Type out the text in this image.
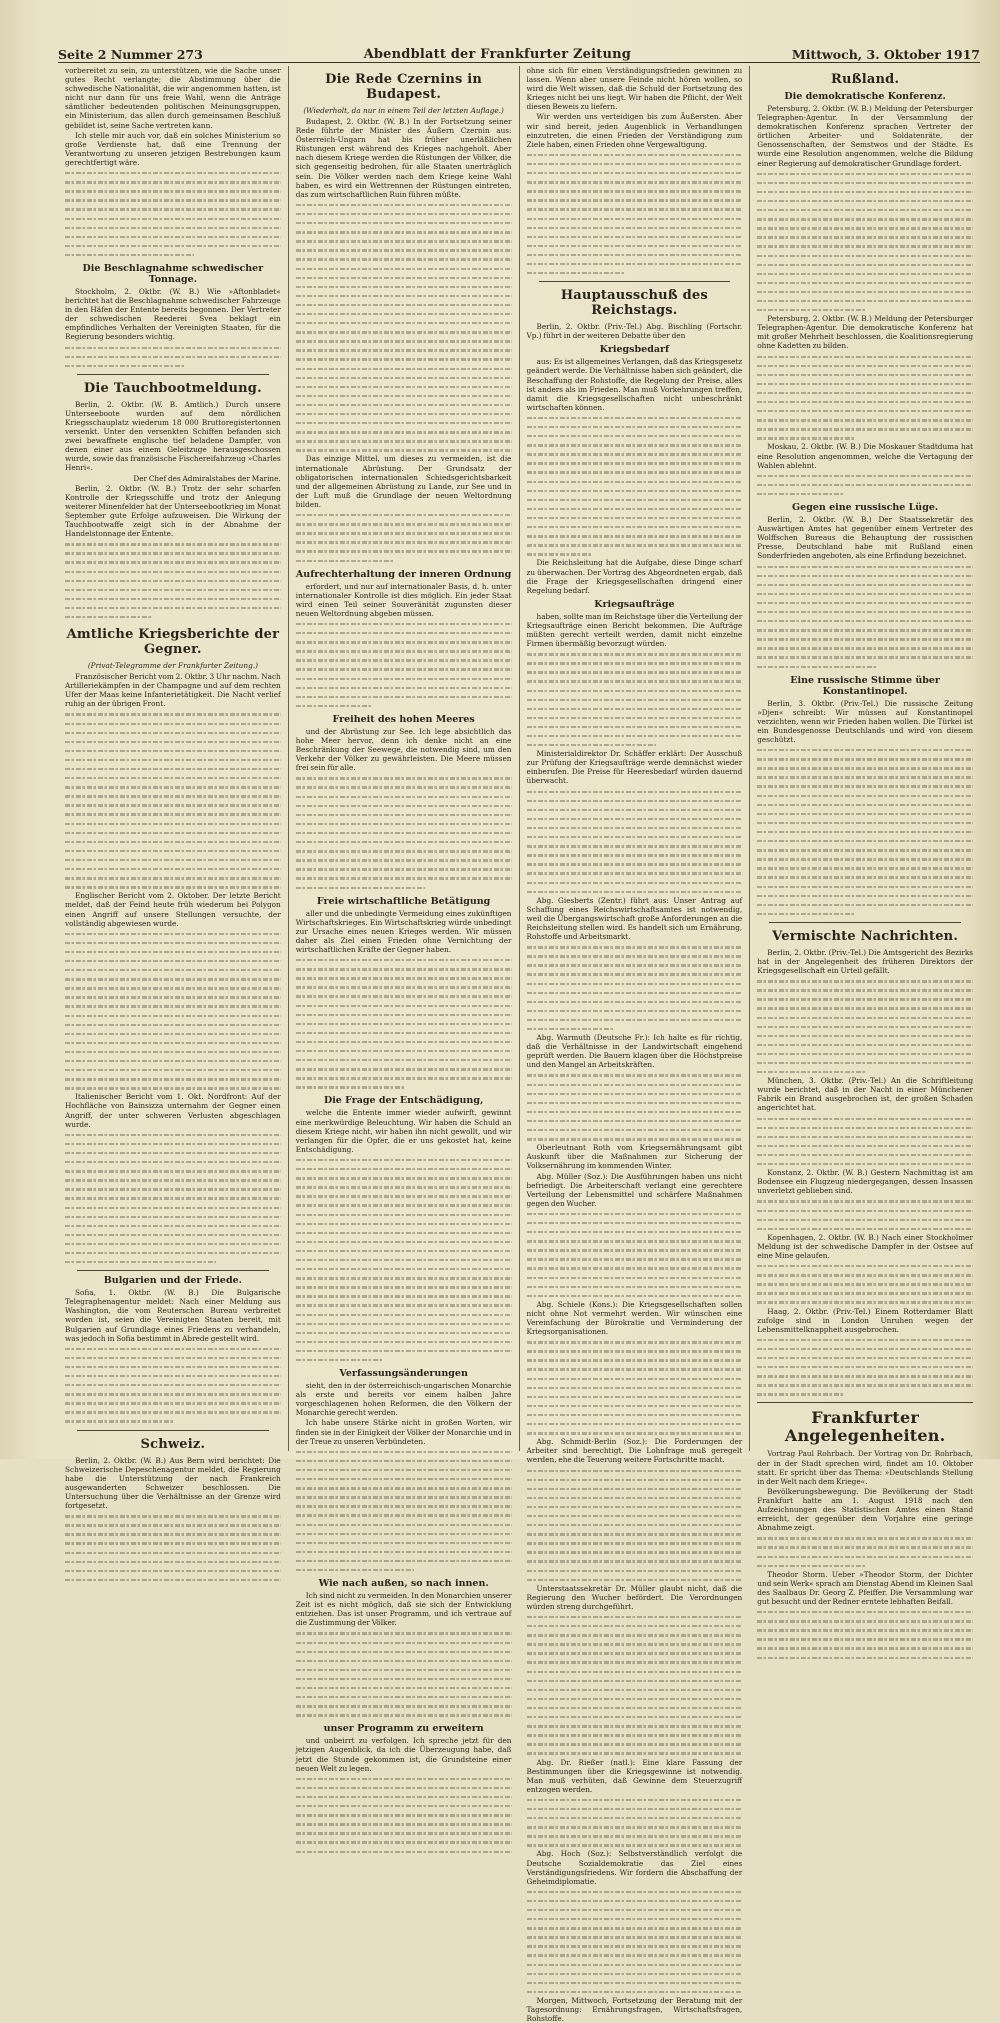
Seite 2 Nummer 273	Abendblatt der Frankfurter Zeitung	Mittwoch, 3. Oktober 1917

vorbereitet zu sein, zu unterstützen, wie die Sache unser gutes Recht verlangte; die Abstimmung über die schwedische Nationalität, die wir angenommen hatten, ist nicht nur dann für uns freie Wahl, wenn die Anträge sämtlicher bedeutenden politischen Meinungsgruppen, ein Ministerium, das allen durch gemeinsamen Beschluß gebildet ist, seine Sache vertreten kann.

Ich stelle mir auch vor, daß ein solches Ministerium so große Verdienste hat, daß eine Trennung der Verantwortung zu unseren jetzigen Bestrebungen kaum gerechtfertigt wäre.

Die Beschlagnahme schwedischer Tonnage.

Stockholm, 2. Oktbr. (W. B.) Wie »Aftonbladet« berichtet hat die Beschlagnahme schwedischer Fahrzeuge in den Häfen der Entente bereits begonnen. Der Vertreter der schwedischen Reederei Svea beklagt ein empfindliches Verhalten der Vereinigten Staaten, für die Regierung besonders wichtig.

Die Tauchbootmeldung.

Berlin, 2. Oktbr. (W. B. Amtlich.) Durch unsere Unterseeboote wurden auf dem nördlichen Kriegsschauplatz wiederum 18 000 Bruttoregistertonnen versenkt. Unter den versenkten Schiffen befanden sich zwei bewaffnete englische tief beladene Dampfer, von denen einer aus einem Geleitzuge herausgeschossen wurde, sowie das französische Fischereifahrzeug »Charles Henri«.

Der Chef des Admiralstabes der Marine.

Berlin, 2. Oktbr. (W. B.) Trotz der sehr scharfen Kontrolle der Kriegsschiffe und trotz der Anlegung weiterer Minenfelder hat der Unterseebootkrieg im Monat September gute Erfolge aufzuweisen. Die Wirkung der Tauchbootwaffe zeigt sich in der Abnahme der Handelstonnage der Entente.

Amtliche Kriegsberichte der Gegner.
(Privat-Telegramme der Frankfurter Zeitung.)

Französischer Bericht vom 2. Oktbr. 3 Uhr nachm. Nach Artilleriekämpfen in der Champagne und auf dem rechten Ufer der Maas keine Infanterietätigkeit. Die Nacht verlief ruhig an der übrigen Front.

Englischer Bericht vom 2. Oktober. Der letzte Bericht meldet, daß der Feind heute früh wiederum bei Polygon einen Angriff auf unsere Stellungen versuchte, der vollständig abgewiesen wurde.

Italienischer Bericht vom 1. Okt. Nordfront: Auf der Hochfläche von Bainsizza unternahm der Gegner einen Angriff, der unter schweren Verlusten abgeschlagen wurde.

Bulgarien und der Friede.

Sofia, 1. Oktbr. (W. B.) Die Bulgarische Telegraphenagentur meldet: Nach einer Meldung aus Washington, die vom Reuterschen Bureau verbreitet worden ist, seien die Vereinigten Staaten bereit, mit Bulgarien auf Grundlage eines Friedens zu verhandeln, was jedoch in Sofia bestimmt in Abrede gestellt wird.

Schweiz.

Berlin, 2. Oktbr. (W. B.) Aus Bern wird berichtet: Die Schweizerische Depeschenagentur meldet, die Regierung habe die Unterstützung der nach Frankreich ausgewanderten Schweizer beschlossen. Die Untersuchung über die Verhältnisse an der Grenze wird fortgesetzt.

Die Rede Czernins in Budapest.
(Wiederholt, da nur in einem Teil der letzten Auflage.)

Budapest, 2. Oktbr. (W. B.) In der Fortsetzung seiner Rede führte der Minister des Äußern Czernin aus: Österreich-Ungarn hat bis früher unerläßlichen Rüstungen erst während des Krieges nachgeholt. Aber nach diesem Kriege werden die Rüstungen der Völker, die sich gegenseitig bedrohen, für alle Staaten unerträglich sein. Die Völker werden nach dem Kriege keine Wahl haben, es wird ein Wettrennen der Rüstungen eintreten, das zum wirtschaftlichen Ruin führen müßte.

Das einzige Mittel, um dieses zu vermeiden, ist die internationale Abrüstung. Der Grundsatz der obligatorischen internationalen Schiedsgerichtsbarkeit und der allgemeinen Abrüstung zu Lande, zur See und in der Luft muß die Grundlage der neuen Weltordnung bilden.

Aufrechterhaltung der inneren Ordnung

erfordert, und nur auf internationaler Basis, d. h. unter internationaler Kontrolle ist dies möglich. Ein jeder Staat wird einen Teil seiner Souveränität zugunsten dieser neuen Weltordnung abgeben müssen.

Freiheit des hohen Meeres

und der Abrüstung zur See. Ich lege absichtlich das hohe Meer hervor, denn ich denke nicht an eine Beschränkung der Seewege, die notwendig sind, um den Verkehr der Völker zu gewährleisten. Die Meere müssen frei sein für alle.

Freie wirtschaftliche Betätigung

aller und die unbedingte Vermeidung eines zukünftigen Wirtschaftskrieges. Ein Wirtschaftskrieg würde unbedingt zur Ursache eines neuen Krieges werden. Wir müssen daher als Ziel einen Frieden ohne Vernichtung der wirtschaftlichen Kräfte der Gegner haben.

Die Frage der Entschädigung,

welche die Entente immer wieder aufwirft, gewinnt eine merkwürdige Beleuchtung. Wir haben die Schuld an diesem Kriege nicht, wir haben ihn nicht gewollt, und wir verlangen für die Opfer, die er uns gekostet hat, keine Entschädigung.

Verfassungsänderungen

sieht, den in der österreichisch-ungarischen Monarchie als erste und bereits vor einem halben Jahre vorgeschlagenen hohen Reformen, die den Völkern der Monarchie gerecht werden.

Ich habe unsere Stärke nicht in großen Worten, wir finden sie in der Einigkeit der Völker der Monarchie und in der Treue zu unseren Verbündeten.

Wie nach außen, so nach innen.

Ich sind nicht zu vermeiden. In den Monarchien unserer Zeit ist es nicht möglich, daß sie sich der Entwicklung entziehen. Das ist unser Programm, und ich vertraue auf die Zustimmung der Völker.

unser Programm zu erweitern

und unbeirrt zu verfolgen. Ich spreche jetzt für den jetzigen Augenblick, da ich die Überzeugung habe, daß jetzt die Stunde gekommen ist, die Grundsteine einer neuen Welt zu legen.

ohne sich für einen Verständigungsfrieden gewinnen zu lassen. Wenn aber unsere Feinde nicht hören wollen, so wird die Welt wissen, daß die Schuld der Fortsetzung des Krieges nicht bei uns liegt. Wir haben die Pflicht, der Welt diesen Beweis zu liefern.

Wir werden uns verteidigen bis zum Äußersten. Aber wir sind bereit, jeden Augenblick in Verhandlungen einzutreten, die einen Frieden der Verständigung zum Ziele haben, einen Frieden ohne Vergewaltigung.

Hauptausschuß des Reichstags.

Berlin, 2. Oktbr. (Priv.-Tel.) Abg. Bischling (Fortschr. Vp.) führt in der weiteren Debatte über den

Kriegsbedarf

aus: Es ist allgemeines Verlangen, daß das Kriegsgesetz geändert werde. Die Verhältnisse haben sich geändert, die Beschaffung der Rohstoffe, die Regelung der Preise, alles ist anders als im Frieden. Man muß Vorkehrungen treffen, damit die Kriegsgesellschaften nicht unbeschränkt wirtschaften können.

Die Reichsleitung hat die Aufgabe, diese Dinge scharf zu überwachen. Der Vortrag des Abgeordneten ergab, daß die Frage der Kriegsgesellschaften dringend einer Regelung bedarf.

Kriegsaufträge

haben, sollte man im Reichstage über die Verteilung der Kriegsaufträge einen Bericht bekommen. Die Aufträge müßten gerecht verteilt werden, damit nicht einzelne Firmen übermäßig bevorzugt würden.

Ministerialdirektor Dr. Schäffer erklärt: Der Ausschuß zur Prüfung der Kriegsaufträge werde demnächst wieder einberufen. Die Preise für Heeresbedarf würden dauernd überwacht.

Abg. Giesberts (Zentr.) führt aus: Unser Antrag auf Schaffung eines Reichswirtschaftsamtes ist notwendig, weil die Übergangswirtschaft große Anforderungen an die Reichsleitung stellen wird. Es handelt sich um Ernährung, Rohstoffe und Arbeitsmarkt.

Abg. Warmuth (Deutsche Fr.): Ich halte es für richtig, daß die Verhältnisse in der Landwirtschaft eingehend geprüft werden. Die Bauern klagen über die Höchstpreise und den Mangel an Arbeitskräften.

Oberleutnant Roth vom Kriegsernährungsamt gibt Auskunft über die Maßnahmen zur Sicherung der Volksernährung im kommenden Winter.

Abg. Müller (Soz.): Die Ausführungen haben uns nicht befriedigt. Die Arbeiterschaft verlangt eine gerechtere Verteilung der Lebensmittel und schärfere Maßnahmen gegen den Wucher.

Abg. Schiele (Kons.): Die Kriegsgesellschaften sollen nicht ohne Not vermehrt werden. Wir wünschen eine Vereinfachung der Bürokratie und Verminderung der Kriegsorganisationen.

Abg. Schmidt-Berlin (Soz.): Die Forderungen der Arbeiter sind berechtigt. Die Lohnfrage muß geregelt werden, ehe die Teuerung weitere Fortschritte macht.

Unterstaatssekretär Dr. Müller glaubt nicht, daß die Regierung den Wucher befördert. Die Verordnungen würden streng durchgeführt.

Abg. Dr. Rießer (natl.): Eine klare Fassung der Bestimmungen über die Kriegsgewinne ist notwendig. Man muß verhüten, daß Gewinne dem Steuerzugriff entzogen werden.

Abg. Hoch (Soz.): Selbstverständlich verfolgt die Deutsche Sozialdemokratie das Ziel eines Verständigungsfriedens. Wir fordern die Abschaffung der Geheimdiplomatie.

Morgen, Mittwoch, Fortsetzung der Beratung mit der Tagesordnung: Ernährungsfragen, Wirtschaftsfragen, Rohstoffe.

Rußland.
Die demokratische Konferenz.

Petersburg, 2. Oktbr. (W. B.) Meldung der Petersburger Telegraphen-Agentur. In der Versammlung der demokratischen Konferenz sprachen Vertreter der örtlichen Arbeiter- und Soldatenräte, der Genossenschaften, der Semstwos und der Städte. Es wurde eine Resolution angenommen, welche die Bildung einer Regierung auf demokratischer Grundlage fordert.

Petersburg, 2. Oktbr. (W. B.) Meldung der Petersburger Telegraphen-Agentur. Die demokratische Konferenz hat mit großer Mehrheit beschlossen, die Koalitionsregierung ohne Kadetten zu bilden.

Moskau, 2. Oktbr. (W. B.) Die Moskauer Stadtduma hat eine Resolution angenommen, welche die Vertagung der Wahlen ablehnt.

Gegen eine russische Lüge.

Berlin, 2. Oktbr. (W. B.) Der Staatssekretär des Auswärtigen Amtes hat gegenüber einem Vertreter des Wolffschen Bureaus die Behauptung der russischen Presse, Deutschland habe mit Rußland einen Sonderfrieden angeboten, als eine Erfindung bezeichnet.

Eine russische Stimme über Konstantinopel.

Berlin, 3. Oktbr. (Priv.-Tel.) Die russische Zeitung »Djen« schreibt: Wir müssen auf Konstantinopel verzichten, wenn wir Frieden haben wollen. Die Türkei ist ein Bundesgenosse Deutschlands und wird von diesem geschützt.

Vermischte Nachrichten.

Berlin, 2. Oktbr. (Priv.-Tel.) Die Amtsgericht des Bezirks hat in der Angelegenheit des früheren Direktors der Kriegsgesellschaft ein Urteil gefällt.

München, 3. Oktbr. (Priv.-Tel.) An die Schriftleitung wurde berichtet, daß in der Nacht in einer Münchener Fabrik ein Brand ausgebrochen ist, der großen Schaden angerichtet hat.

Konstanz, 2. Oktbr. (W. B.) Gestern Nachmittag ist am Bodensee ein Flugzeug niedergegangen, dessen Insassen unverletzt geblieben sind.

Kopenhagen, 2. Oktbr. (W. B.) Nach einer Stockholmer Meldung ist der schwedische Dampfer in der Ostsee auf eine Mine gelaufen.

Haag, 2. Oktbr. (Priv.-Tel.) Einem Rotterdamer Blatt zufolge sind in London Unruhen wegen der Lebensmittelknappheit ausgebrochen.

Frankfurter Angelegenheiten.

Vortrag Paul Rohrbach. Der Vortrag von Dr. Rohrbach, der in der Stadt sprechen wird, findet am 10. Oktober statt. Er spricht über das Thema: »Deutschlands Stellung in der Welt nach dem Kriege«.

Bevölkerungsbewegung. Die Bevölkerung der Stadt Frankfurt hatte am 1. August 1918 nach den Aufzeichnungen des Statistischen Amtes einen Stand erreicht, der gegenüber dem Vorjahre eine geringe Abnahme zeigt.

Theodor Storm. Ueber »Theodor Storm, der Dichter und sein Werk« sprach am Dienstag Abend im Kleinen Saal des Saalbaus Dr. Georg Z. Pfeiffer. Die Versammlung war gut besucht und der Redner erntete lebhaften Beifall.
